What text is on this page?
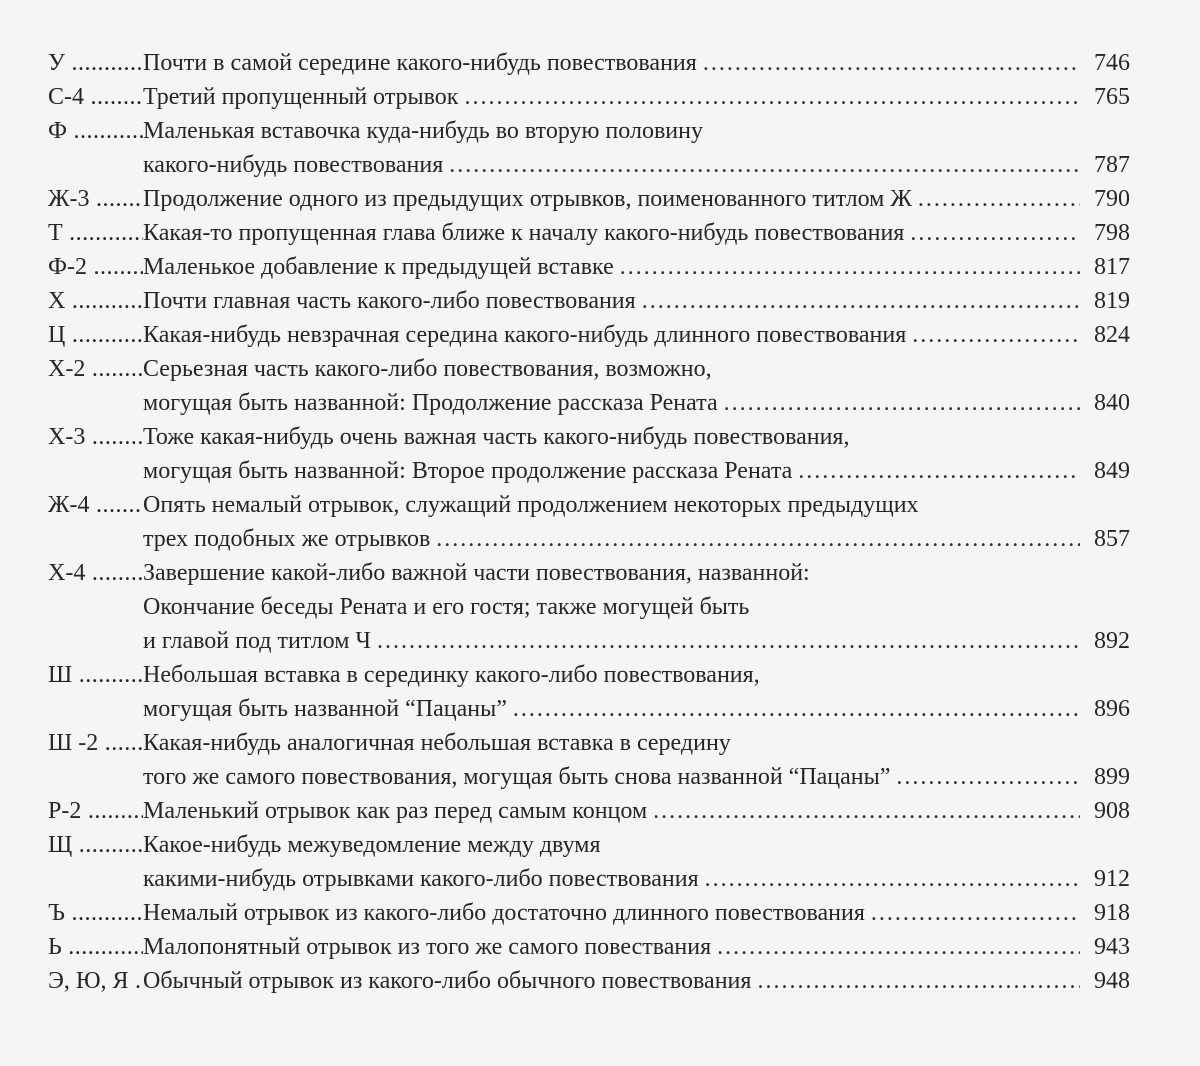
У .....	Почти в самой середине какого-нибудь повествования .....	746
С-4 .....	Третий пропущенный отрывок .....	765
Ф .....	Маленькая вставочка куда-нибудь во вторую половину
какого-нибудь повествования .....	787
Ж-3 .....	Продолжение одного из предыдущих отрывков, поименованного титлом Ж .....	790
Т .....	Какая-то пропущенная глава ближе к началу какого-нибудь повествования .....	798
Ф-2 .....	Маленькое добавление к предыдущей вставке .....	817
Х .....	Почти главная часть какого-либо повествования .....	819
Ц .....	Какая-нибудь невзрачная середина какого-нибудь длинного повествования .....	824
Х-2 .....	Серьезная часть какого-либо повествования, возможно,
могущая быть названной: Продолжение рассказа Рената .....	840
Х-3 .....	Тоже какая-нибудь очень важная часть какого-нибудь повествования,
могущая быть названной: Второе продолжение рассказа Рената .....	849
Ж-4 .....	Опять немалый отрывок, служащий продолжением некоторых предыдущих
трех подобных же отрывков .....	857
Х-4 .....	Завершение какой-либо важной части повествования, названной:
Окончание беседы Рената и его гостя; также могущей быть
и главой под титлом Ч .....	892
Ш .....	Небольшая вставка в серединку какого-либо повествования,
могущая быть названной “Пацаны” .....	896
Ш -2 .....	Какая-нибудь аналогичная небольшая вставка в середину
того же самого повествования, могущая быть снова названной “Пацаны” .....	899
Р-2 .....	Маленький отрывок как раз перед самым концом .....	908
Щ .....	Какое-нибудь межуведомление между двумя
какими-нибудь отрывками какого-либо повествования .....	912
Ъ .....	Немалый отрывок из какого-либо достаточно длинного повествования .....	918
Ь .....	Малопонятный отрывок из того же самого повествания .....	943
Э, Ю, Я ..... Обычный отрывок из какого-либо обычного повествования .....	948
